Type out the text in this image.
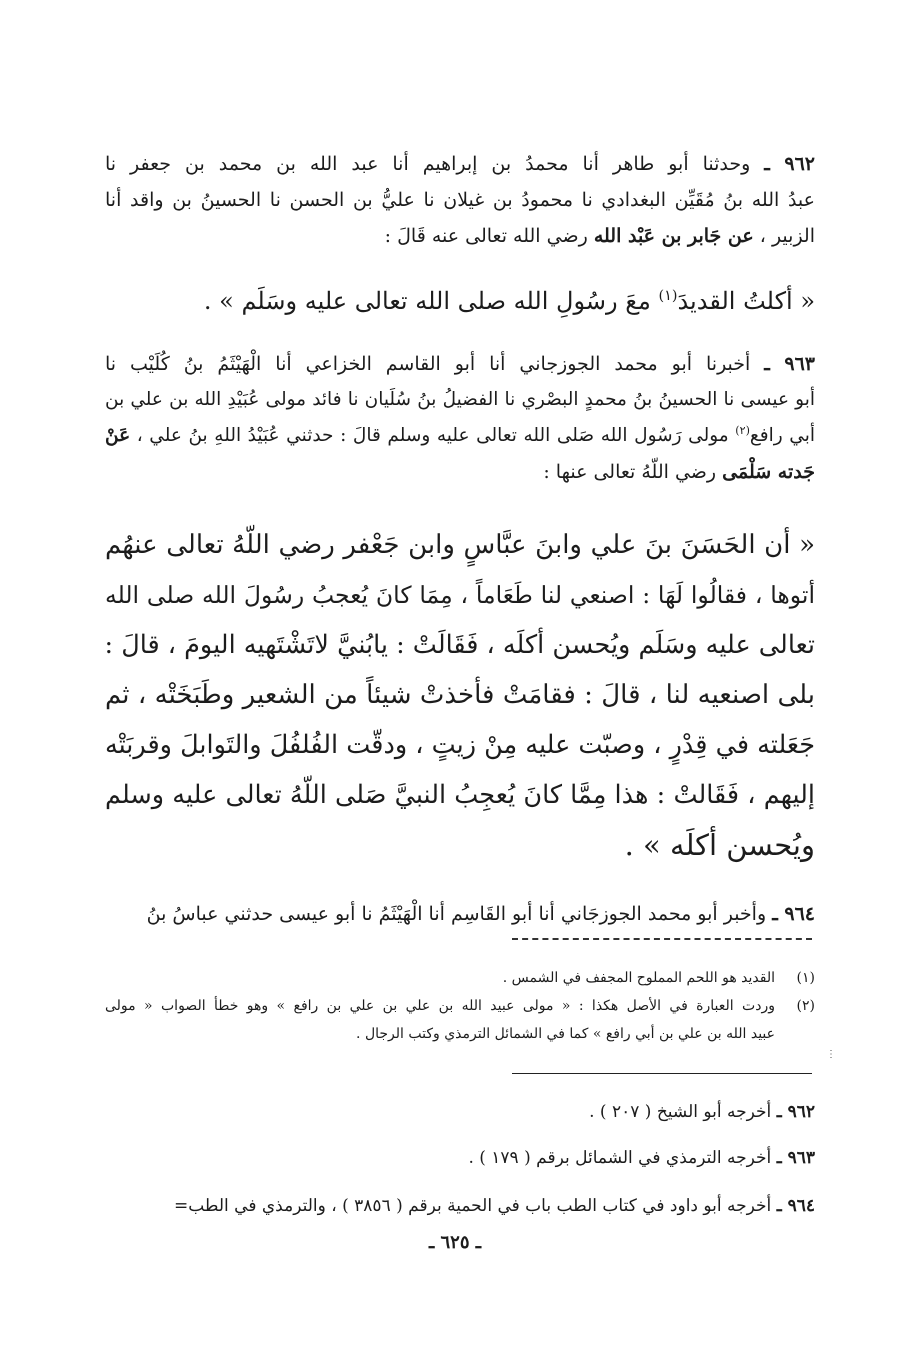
٩٦٢ ـ وحدثنا أبو طاهر أنا محمدُ بن إبراهيم أنا عبد الله بن محمد بن جعفر نا
عبدُ الله بنُ مُقَيِّن البغدادي نا محمودُ بن غيلان نا عليُّ بن الحسن نا الحسينُ بن واقد أنا
الزبير ، عن جَابر بن عَبْد الله رضي الله تعالى عنه قَالَ :
« أكلتُ القديدَ$^{(١)}$ معَ رسُولِ الله صلى الله تعالى عليه وسَلَم » .
٩٦٣ ـ أخبرنا أبو محمد الجوزجاني أنا أبو القاسم الخزاعي أنا الْهَيْثَمُ بنُ كُلَيْب نا
أبو عيسى نا الحسينُ بنُ محمدٍ البصْري نا الفضيلُ بنُ سُلَيان نا فائد مولى عُبَيْدِ الله بن علي بن
أبي رافع$^{(٢)}$ مولى رَسُول الله صَلى الله تعالى عليه وسلم قالَ : حدثني عُبَيْدُ اللهِ بنُ علي ، عَنْ
جَدته سَلْمَى رضي اللّهُ تعالى عنها :
« أن الحَسَنَ بنَ علي وابنَ عبَّاسٍ وابن جَعْفر رضي اللّهُ تعالى عنهُم
أتوها ، فقالُوا لَهَا : اصنعي لنا طَعَاماً ، مِمَا كانَ يُعجبُ رسُولَ الله صلى الله
تعالى عليه وسَلَم ويُحسن أكلَه ، فَقَالَتْ : يابُنيَّ لاتَشْتَهيه اليومَ ، قالَ :
بلى اصنعيه لنا ، قالَ : فقامَتْ فأخذتْ شيئاً من الشعير وطَبَخَتْه ، ثم
جَعَلته في قِدْرٍ ، وصبّت عليه مِنْ زيتٍ ، ودقّت الفُلفُلَ والتَوابلَ وقربَتْه
إليهم ، فَقَالتْ : هذا مِمَّا كانَ يُعجِبُ النبيَّ صَلى اللّهُ تعالى عليه وسلم
ويُحسن أكلَه » .
٩٦٤ ـ وأخبر أبو محمد الجوزجَاني أنا أبو القَاسِم أنا الْهَيْثَمُ نا أبو عيسى حدثني عباسُ بنُ
(١)
القديد هو اللحم المملوح المجفف في الشمس .
(٢)
وردت العبارة في الأصل هكذا : « مولى عبيد الله بن علي بن علي بن رافع » وهو خطأ الصواب « مولى
عبيد الله بن علي بن أبي رافع » كما في الشمائل الترمذي وكتب الرجال .
⋮
٩٦٢ ـ أخرجه أبو الشيخ ( ٢٠٧ ) .
٩٦٣ ـ أخرجه الترمذي في الشمائل برقم ( ١٧٩ ) .
٩٦٤ ـ أخرجه أبو داود في كتاب الطب باب في الحمية برقم ( ٣٨٥٦ ) ، والترمذي في الطب=
ـ ٦٢٥ ـ
